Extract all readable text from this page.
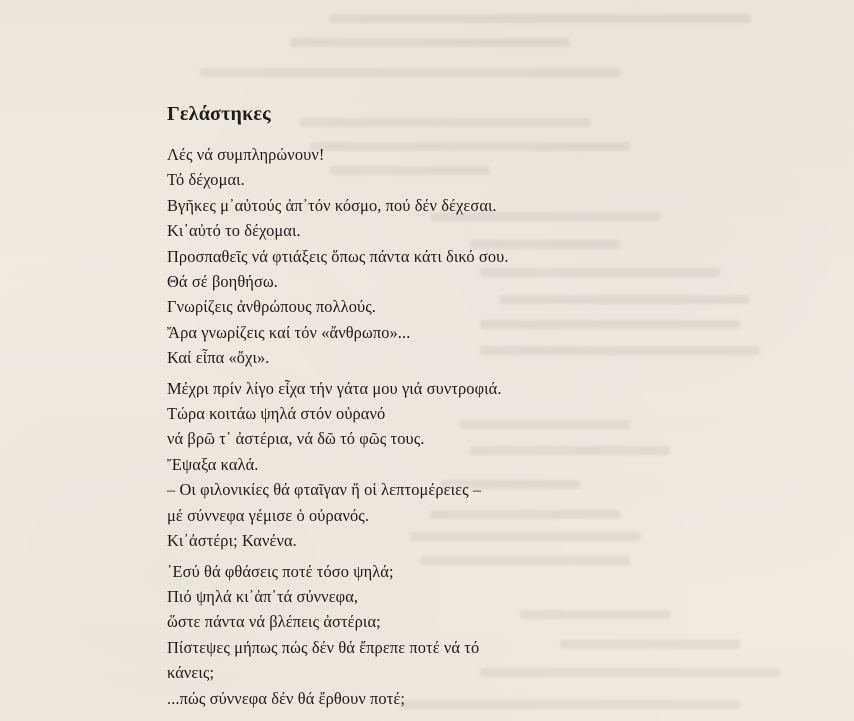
Γελάστηκες
Λές νά συμπληρώνουν!
Τό δέχομαι.
Βγῆκες μ᾿αὐτούς ἀπ᾿τόν κόσμο, πού δέν δέχεσαι.
Κι᾿αὐτό το δέχομαι.
Προσπαθεῖς νά φτιάξεις ὅπως πάντα κάτι δικό σου.
Θά σέ βοηθήσω.
Γνωρίζεις ἀνθρώπους πολλούς.
Ἄρα γνωρίζεις καί τόν «ἄνθρωπο»...
Καί εἶπα «ὄχι».
Μέχρι πρίν λίγο εἶχα τήν γάτα μου γιά συντροφιά.
Τώρα κοιτάω ψηλά στόν οὐρανό
νά βρῶ τ᾿ ἀστέρια, νά δῶ τό φῶς τους.
Ἔψαξα καλά.
– Οι φιλονικίες θά φταῖγαν ἤ οἱ λεπτομέρειες –
μέ σύννεφα γέμισε ὁ οὐρανός.
Κι᾿ἀστέρι; Κανένα.
᾿Εσύ θά φθάσεις ποτέ τόσο ψηλά;
Πιό ψηλά κι᾿ἀπ᾿τά σύννεφα,
ὥστε πάντα νά βλέπεις ἀστέρια;
Πίστεψες μήπως πώς δέν θά ἔπρεπε ποτέ νά τό
κάνεις;
...πώς σύννεφα δέν θά ἔρθουν ποτέ;
